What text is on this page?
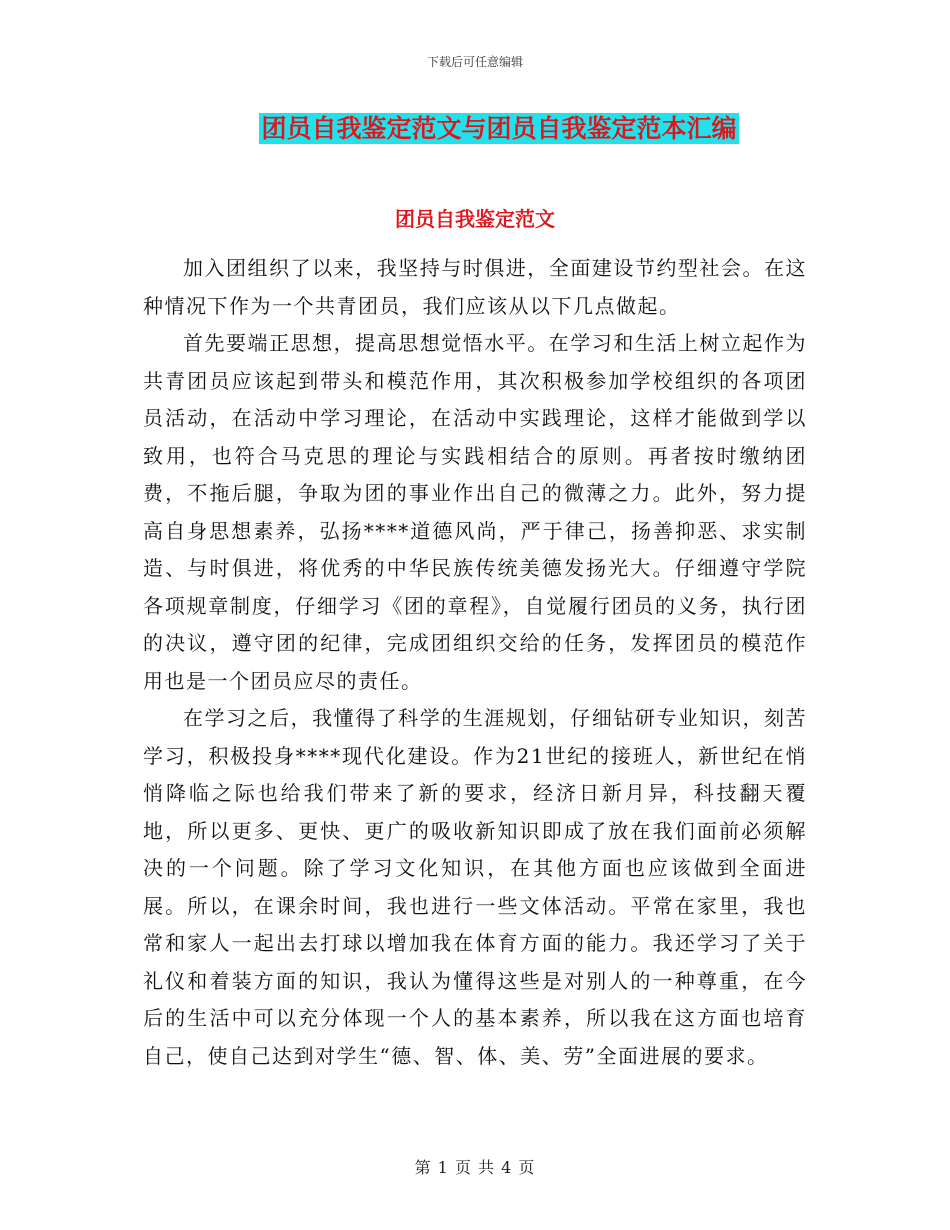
下载后可任意编辑
团员自我鉴定范文与团员自我鉴定范本汇编
团员自我鉴定范文

加入团组织了以来，我坚持与时俱进，全面建设节约型社会。在这种情况下作为一个共青团员，我们应该从以下几点做起。

首先要端正思想，提高思想觉悟水平。在学习和生活上树立起作为共青团员应该起到带头和模范作用，其次积极参加学校组织的各项团员活动，在活动中学习理论，在活动中实践理论，这样才能做到学以致用，也符合马克思的理论与实践相结合的原则。再者按时缴纳团费，不拖后腿，争取为团的事业作出自己的微薄之力。此外，努力提高自身思想素养，弘扬****道德风尚，严于律己，扬善抑恶、求实制造、与时俱进，将优秀的中华民族传统美德发扬光大。仔细遵守学院各项规章制度，仔细学习《团的章程》，自觉履行团员的义务，执行团的决议，遵守团的纪律，完成团组织交给的任务，发挥团员的模范作用也是一个团员应尽的责任。

在学习之后，我懂得了科学的生涯规划，仔细钻研专业知识，刻苦学习，积极投身****现代化建设。作为21世纪的接班人，新世纪在悄悄降临之际也给我们带来了新的要求，经济日新月异，科技翻天覆地，所以更多、更快、更广的吸收新知识即成了放在我们面前必须解决的一个问题。除了学习文化知识，在其他方面也应该做到全面进展。所以，在课余时间，我也进行一些文体活动。平常在家里，我也常和家人一起出去打球以增加我在体育方面的能力。我还学习了关于礼仪和着装方面的知识，我认为懂得这些是对别人的一种尊重，在今后的生活中可以充分体现一个人的基本素养，所以我在这方面也培育自己，使自己达到对学生“德、智、体、美、劳”全面进展的要求。

第 1 页 共 4 页
